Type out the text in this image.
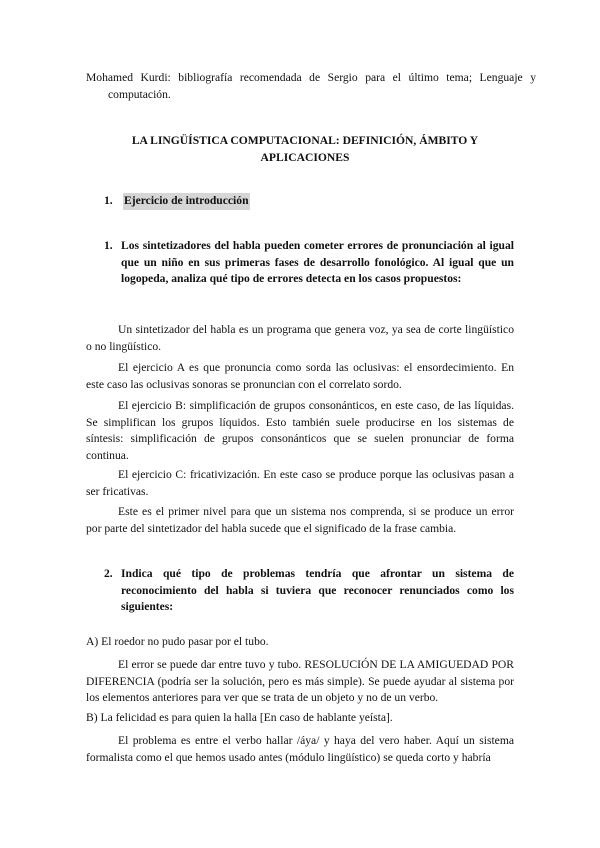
Mohamed Kurdi: bibliografía recomendada de Sergio para el último tema; Lenguaje y computación.

LA LINGÜÍSTICA COMPUTACIONAL: DEFINICIÓN, ÁMBITO Y APLICACIONES

1. Ejercicio de introducción
1. Los sintetizadores del habla pueden cometer errores de pronunciación al igual que un niño en sus primeras fases de desarrollo fonológico. Al igual que un logopeda, analiza qué tipo de errores detecta en los casos propuestos:

Un sintetizador del habla es un programa que genera voz, ya sea de corte lingüístico o no lingüístico.

El ejercicio A es que pronuncia como sorda las oclusivas: el ensordecimiento. En este caso las oclusivas sonoras se pronuncian con el correlato sordo.

El ejercicio B: simplificación de grupos consonánticos, en este caso, de las líquidas. Se simplifican los grupos líquidos. Esto también suele producirse en los sistemas de síntesis: simplificación de grupos consonánticos que se suelen pronunciar de forma continua.

El ejercicio C: fricativización. En este caso se produce porque las oclusivas pasan a ser fricativas.

Este es el primer nivel para que un sistema nos comprenda, si se produce un error por parte del sintetizador del habla sucede que el significado de la frase cambia.

2. Indica qué tipo de problemas tendría que afrontar un sistema de reconocimiento del habla si tuviera que reconocer renunciados como los siguientes:

A) El roedor no pudo pasar por el tubo.

El error se puede dar entre tuvo y tubo. RESOLUCIÓN DE LA AMIGUEDAD POR DIFERENCIA (podría ser la solución, pero es más simple). Se puede ayudar al sistema por los elementos anteriores para ver que se trata de un objeto y no de un verbo.

B) La felicidad es para quien la halla [En caso de hablante yeísta].

El problema es entre el verbo hallar /áya/ y haya del vero haber. Aquí un sistema formalista como el que hemos usado antes (módulo lingüístico) se queda corto y habría
